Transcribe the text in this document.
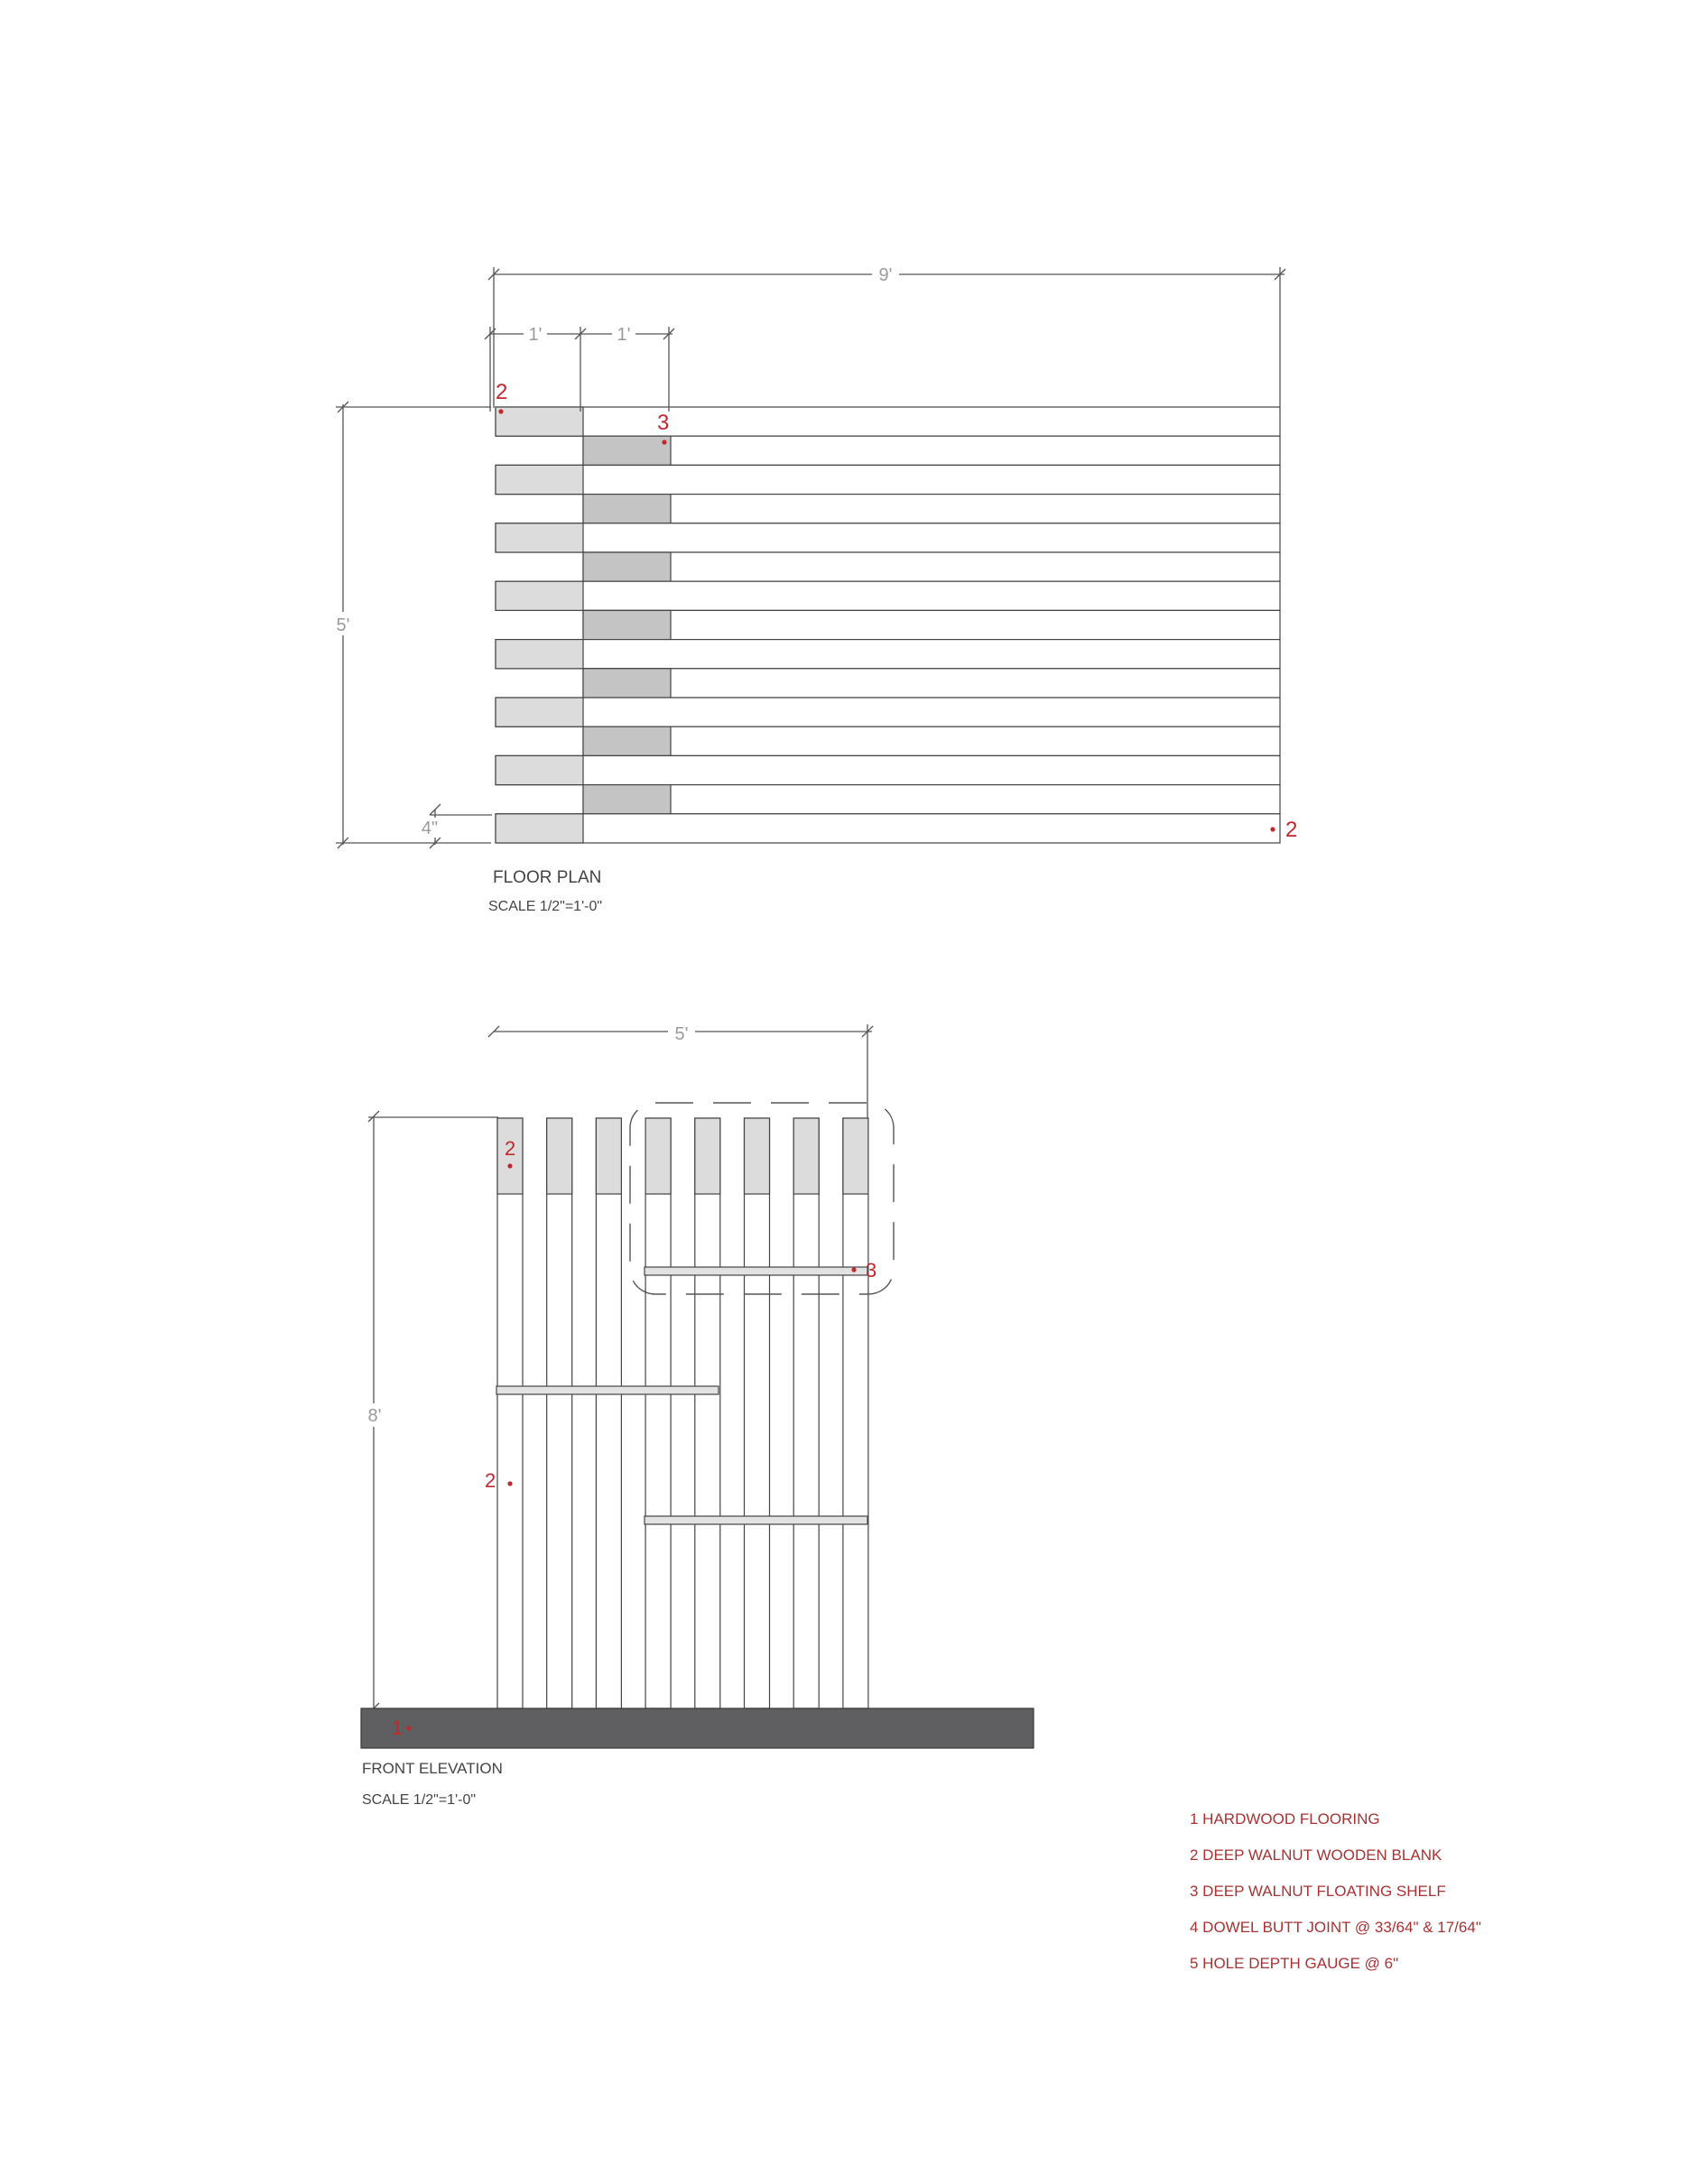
9'
1'	1'
5'
4"
2
3
2
5'
8'
2
2
3
1
FLOOR PLAN
SCALE 1/2"=1'-0"
FRONT ELEVATION
SCALE 1/2"=1'-0"
1 HARDWOOD FLOORING
2 DEEP WALNUT WOODEN BLANK
3 DEEP WALNUT FLOATING SHELF
4 DOWEL BUTT JOINT @ 33/64" & 17/64"
5 HOLE DEPTH GAUGE @ 6"
